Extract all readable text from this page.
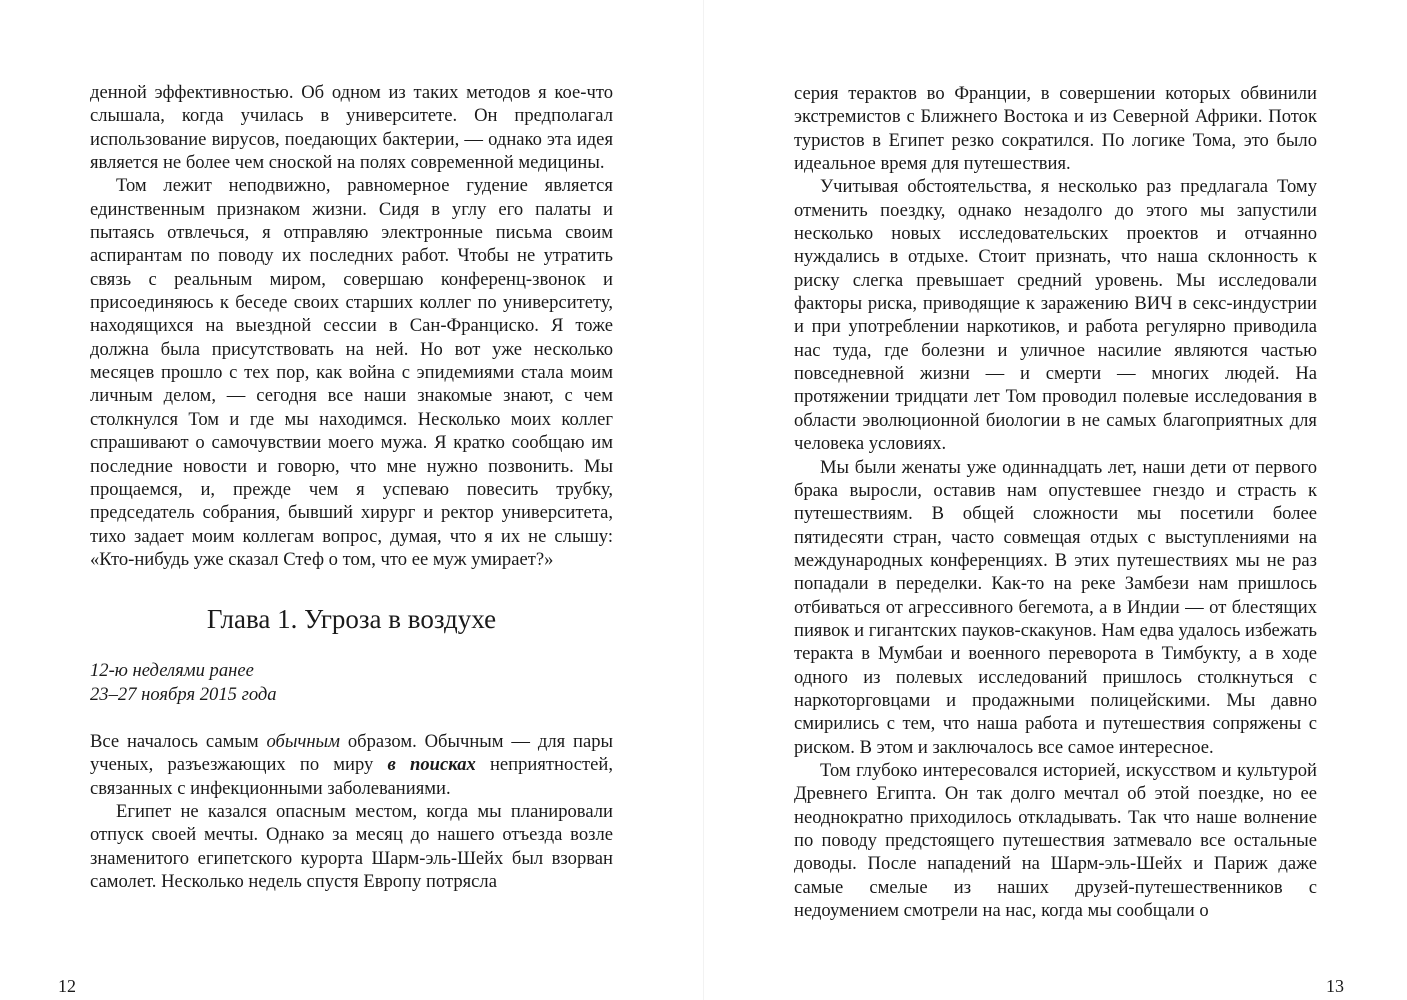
денной эффективностью. Об одном из таких методов я кое-что слышала, когда училась в университете. Он предполагал использование вирусов, поедающих бактерии, — однако эта идея является не более чем сноской на полях современной медицины.

Том лежит неподвижно, равномерное гудение является единственным признаком жизни. Сидя в углу его палаты и пытаясь отвлечься, я отправляю электронные письма своим аспирантам по поводу их последних работ. Чтобы не утратить связь с реальным миром, совершаю конференц-звонок и присоединяюсь к беседе своих старших коллег по университету, находящихся на выездной сессии в Сан-Франциско. Я тоже должна была присутствовать на ней. Но вот уже несколько месяцев прошло с тех пор, как война с эпидемиями стала моим личным делом, — сегодня все наши знакомые знают, с чем столкнулся Том и где мы находимся. Несколько моих коллег спрашивают о самочувствии моего мужа. Я кратко сообщаю им последние новости и говорю, что мне нужно позвонить. Мы прощаемся, и, прежде чем я успеваю повесить трубку, председатель собрания, бывший хирург и ректор университета, тихо задает моим коллегам вопрос, думая, что я их не слышу: «Кто-нибудь уже сказал Стеф о том, что ее муж умирает?»

Глава 1. Угроза в воздухе

12-ю неделями ранее

23–27 ноября 2015 года

Все началось самым обычным образом. Обычным — для пары ученых, разъезжающих по миру в поисках неприятностей, связанных с инфекционными заболеваниями.

Египет не казался опасным местом, когда мы планировали отпуск своей мечты. Однако за месяц до нашего отъезда возле знаменитого египетского курорта Шарм-эль-Шейх был взорван самолет. Несколько недель спустя Европу потрясла

12

серия терактов во Франции, в совершении которых обвинили экстремистов с Ближнего Востока и из Северной Африки. Поток туристов в Египет резко сократился. По логике Тома, это было идеальное время для путешествия.

Учитывая обстоятельства, я несколько раз предлагала Тому отменить поездку, однако незадолго до этого мы запустили несколько новых исследовательских проектов и отчаянно нуждались в отдыхе. Стоит признать, что наша склонность к риску слегка превышает средний уровень. Мы исследовали факторы риска, приводящие к заражению ВИЧ в секс-индустрии и при употреблении наркотиков, и работа регулярно приводила нас туда, где болезни и уличное насилие являются частью повседневной жизни — и смерти — многих людей. На протяжении тридцати лет Том проводил полевые исследования в области эволюционной биологии в не самых благоприятных для человека условиях.

Мы были женаты уже одиннадцать лет, наши дети от первого брака выросли, оставив нам опустевшее гнездо и страсть к путешествиям. В общей сложности мы посетили более пятидесяти стран, часто совмещая отдых с выступлениями на международных конференциях. В этих путешествиях мы не раз попадали в переделки. Как-то на реке Замбези нам пришлось отбиваться от агрессивного бегемота, а в Индии — от блестящих пиявок и гигантских пауков-скакунов. Нам едва удалось избежать теракта в Мумбаи и военного переворота в Тимбукту, а в ходе одного из полевых исследований пришлось столкнуться с наркоторговцами и продажными полицейскими. Мы давно смирились с тем, что наша работа и путешествия сопряжены с риском. В этом и заключалось все самое интересное.

Том глубоко интересовался историей, искусством и культурой Древнего Египта. Он так долго мечтал об этой поездке, но ее неоднократно приходилось откладывать. Так что наше волнение по поводу предстоящего путешествия затмевало все остальные доводы. После нападений на Шарм-эль-Шейх и Париж даже самые смелые из наших друзей-путешественников с недоумением смотрели на нас, когда мы сообщали о

13
